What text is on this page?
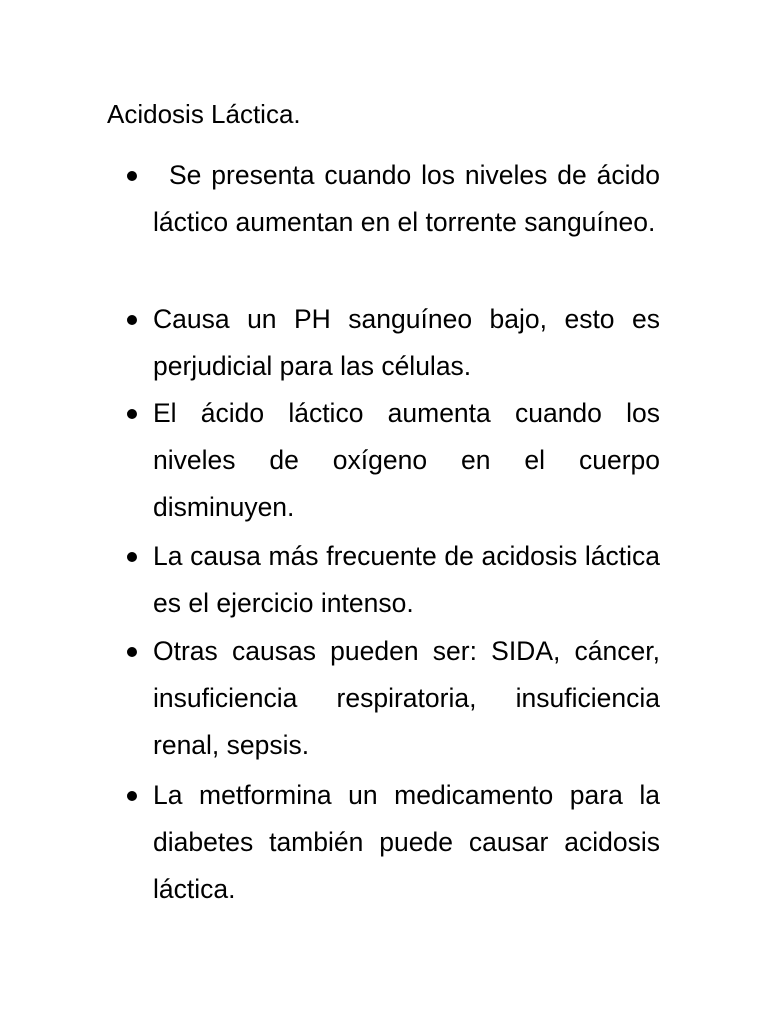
Acidosis Láctica.

Se presenta cuando los niveles de ácido láctico aumentan en el torrente sanguíneo.

Causa un PH sanguíneo bajo, esto es perjudicial para las células.

El ácido láctico aumenta cuando los niveles de oxígeno en el cuerpo disminuyen.

La causa más frecuente de acidosis láctica es el ejercicio intenso.

Otras causas pueden ser: SIDA, cáncer, insuficiencia respiratoria, insuficiencia renal, sepsis.

La metformina un medicamento para la diabetes también puede causar acidosis láctica.
